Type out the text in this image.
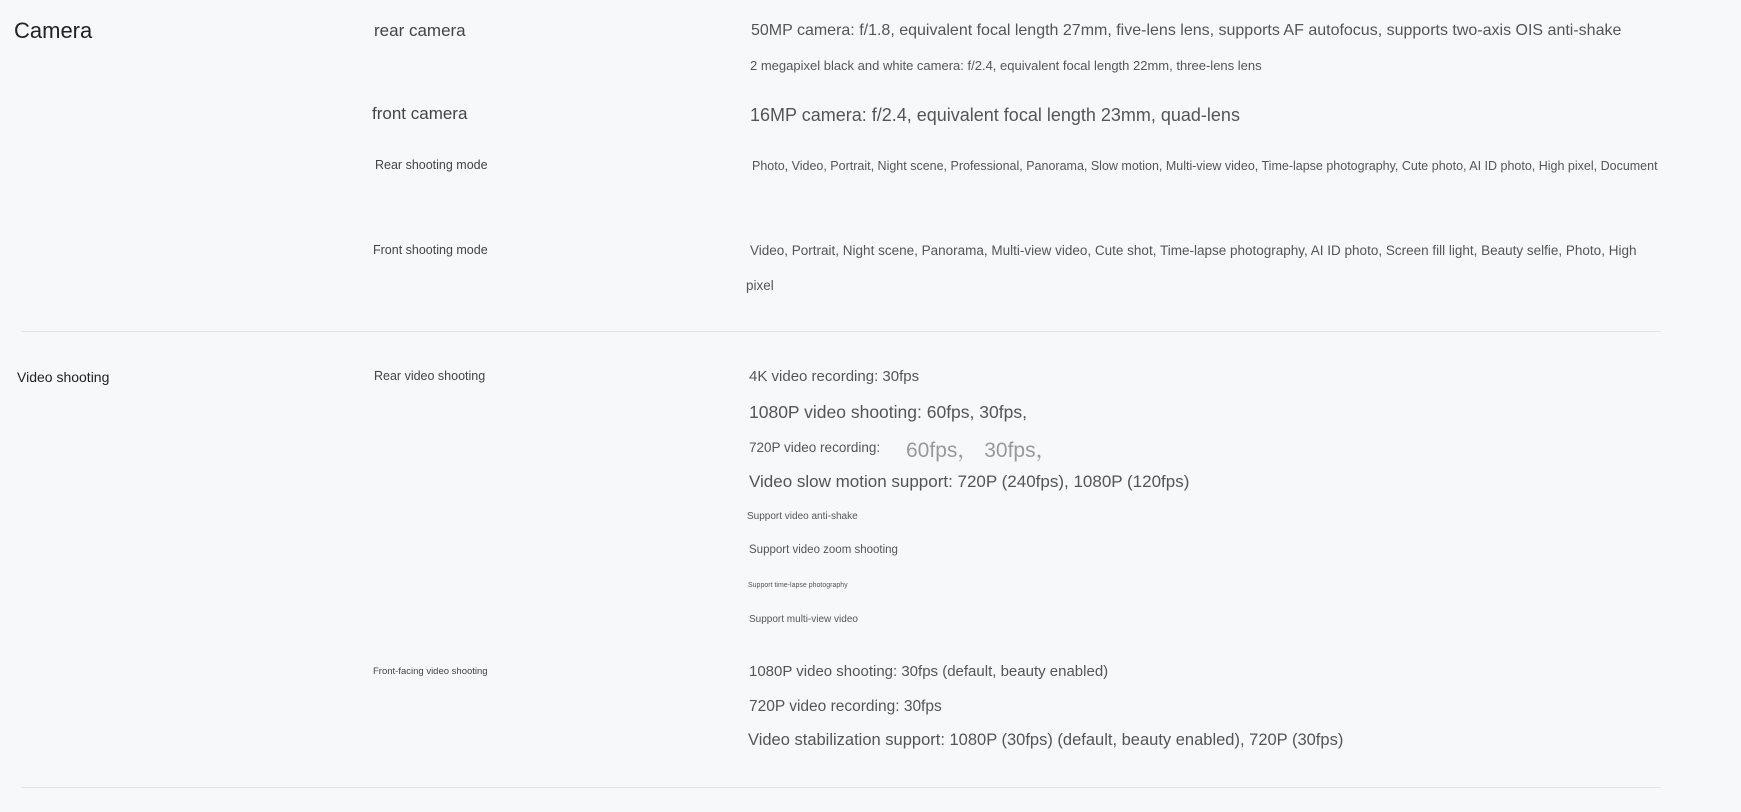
Camera	rear camera	50MP camera: f/1.8, equivalent focal length 27mm, five-lens lens, supports AF autofocus, supports two-axis OIS anti-shake
2 megapixel black and white camera: f/2.4, equivalent focal length 22mm, three-lens lens
front camera	16MP camera: f/2.4, equivalent focal length 23mm, quad-lens
Rear shooting mode	Photo, Video, Portrait, Night scene, Professional, Panorama, Slow motion, Multi-view video, Time-lapse photography, Cute photo, AI ID photo, High pixel, Document
Front shooting mode	Video, Portrait, Night scene, Panorama, Multi-view video, Cute shot, Time-lapse photography, AI ID photo, Screen fill light, Beauty selfie, Photo, High
pixel
Video shooting	Rear video shooting	4K video recording: 30fps
1080P video shooting: 60fps, 30fps,
720P video recording: 60fps， 30fps，
Video slow motion support: 720P (240fps), 1080P (120fps)
Support video anti-shake
Support video zoom shooting
Support time-lapse photography
Support multi-view video
Front-facing video shooting	1080P video shooting: 30fps (default, beauty enabled)
720P video recording: 30fps
Video stabilization support: 1080P (30fps) (default, beauty enabled), 720P (30fps)
